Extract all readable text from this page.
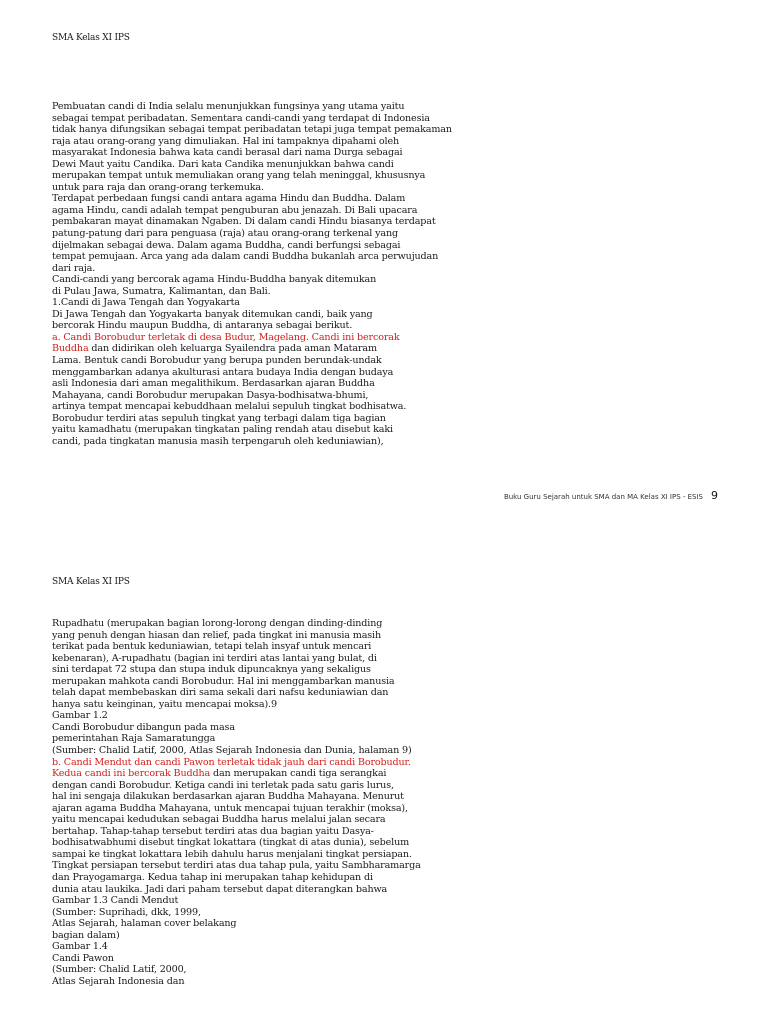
SMA Kelas XI IPS
Pembuatan candi di India selalu menunjukkan fungsinya yang utama yaitu
sebagai tempat peribadatan. Sementara candi-candi yang terdapat di Indonesia
tidak hanya difungsikan sebagai tempat peribadatan tetapi juga tempat pemakaman
raja atau orang-orang yang dimuliakan. Hal ini tampaknya dipahami oleh
masyarakat Indonesia bahwa kata candi berasal dari nama Durga sebagai
Dewi Maut yaitu Candika. Dari kata Candika menunjukkan bahwa candi
merupakan tempat untuk memuliakan orang yang telah meninggal, khususnya
untuk para raja dan orang-orang terkemuka.
Terdapat perbedaan fungsi candi antara agama Hindu dan Buddha. Dalam
agama Hindu, candi adalah tempat penguburan abu jenazah. Di Bali upacara
pembakaran mayat dinamakan Ngaben. Di dalam candi Hindu biasanya terdapat
patung-patung dari para penguasa (raja) atau orang-orang terkenal yang
dijelmakan sebagai dewa. Dalam agama Buddha, candi berfungsi sebagai
tempat pemujaan. Arca yang ada dalam candi Buddha bukanlah arca perwujudan
dari raja.
Candi-candi yang bercorak agama Hindu-Buddha banyak ditemukan
di Pulau Jawa, Sumatra, Kalimantan, dan Bali.
1.Candi di Jawa Tengah dan Yogyakarta
Di Jawa Tengah dan Yogyakarta banyak ditemukan candi, baik yang
bercorak Hindu maupun Buddha, di antaranya sebagai berikut.
a. Candi Borobudur terletak di desa Budur, Magelang. Candi ini bercorak
Buddha dan didirikan oleh keluarga Syailendra pada aman Mataram
Lama. Bentuk candi Borobudur yang berupa punden berundak-undak
menggambarkan adanya akulturasi antara budaya India dengan budaya
asli Indonesia dari aman megalithikum. Berdasarkan ajaran Buddha
Mahayana, candi Borobudur merupakan Dasya-bodhisatwa-bhumi,
artinya tempat mencapai kebuddhaan melalui sepuluh tingkat bodhisatwa.
Borobudur terdiri atas sepuluh tingkat yang terbagi dalam tiga bagian
yaitu kamadhatu (merupakan tingkatan paling rendah atau disebut kaki
candi, pada tingkatan manusia masih terpengaruh oleh keduniawian),
Buku Guru Sejarah untuk SMA dan MA Kelas XI IPS - ESIS 9
SMA Kelas XI IPS
Rupadhatu (merupakan bagian lorong-lorong dengan dinding-dinding
yang penuh dengan hiasan dan relief, pada tingkat ini manusia masih
terikat pada bentuk keduniawian, tetapi telah insyaf untuk mencari
kebenaran), A-rupadhatu (bagian ini terdiri atas lantai yang bulat, di
sini terdapat 72 stupa dan stupa induk dipuncaknya yang sekaligus
merupakan mahkota candi Borobudur. Hal ini menggambarkan manusia
telah dapat membebaskan diri sama sekali dari nafsu keduniawian dan
hanya satu keinginan, yaitu mencapai moksa).9
Gambar 1.2
Candi Borobudur dibangun pada masa
pemerintahan Raja Samaratungga
(Sumber: Chalid Latif, 2000, Atlas Sejarah Indonesia dan Dunia, halaman 9)
b. Candi Mendut dan candi Pawon terletak tidak jauh dari candi Borobudur.
Kedua candi ini bercorak Buddha dan merupakan candi tiga serangkai
dengan candi Borobudur. Ketiga candi ini terletak pada satu garis lurus,
hal ini sengaja dilakukan berdasarkan ajaran Buddha Mahayana. Menurut
ajaran agama Buddha Mahayana, untuk mencapai tujuan terakhir (moksa),
yaitu mencapai kedudukan sebagai Buddha harus melalui jalan secara
bertahap. Tahap-tahap tersebut terdiri atas dua bagian yaitu Dasya-
bodhisatwabhumi disebut tingkat lokattara (tingkat di atas dunia), sebelum
sampai ke tingkat lokattara lebih dahulu harus menjalani tingkat persiapan.
Tingkat persiapan tersebut terdiri atas dua tahap pula, yaitu Sambharamarga
dan Prayogamarga. Kedua tahap ini merupakan tahap kehidupan di
dunia atau laukika. Jadi dari paham tersebut dapat diterangkan bahwa
Gambar 1.3 Candi Mendut
(Sumber: Suprihadi, dkk, 1999,
Atlas Sejarah, halaman cover belakang
bagian dalam)
Gambar 1.4
Candi Pawon
(Sumber: Chalid Latif, 2000,
Atlas Sejarah Indonesia dan
